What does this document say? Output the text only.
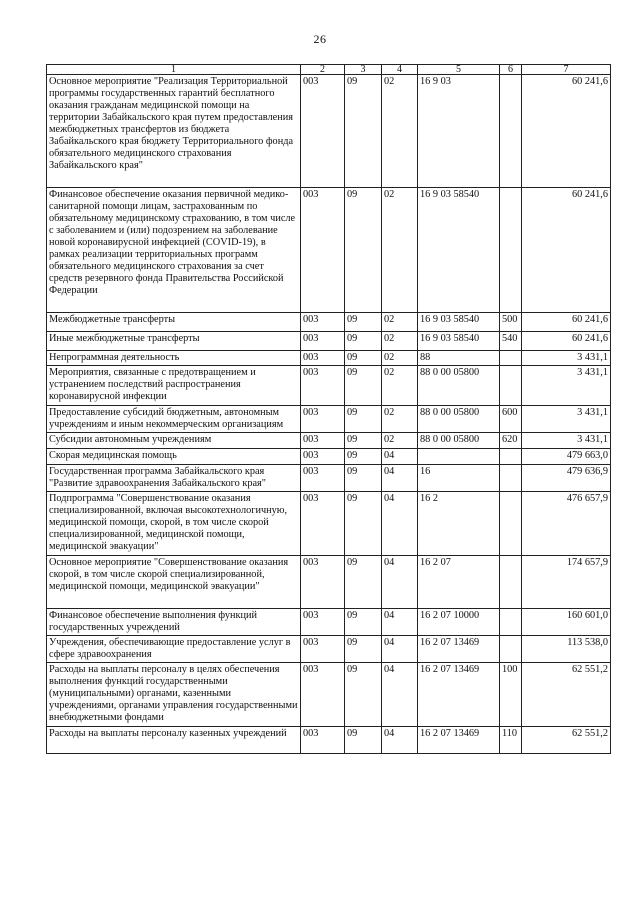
26
1	2	3	4	5	6	7
Основное мероприятие "Реализация Территориальной программы государственных гарантий бесплатного оказания гражданам медицинской помощи на территории Забайкальского края путем предоставления межбюджетных трансфертов из бюджета Забайкальского края бюджету Территориального фонда обязательного медицинского страхования Забайкальского края"	003	09	02	16 9 03		60 241,6
Финансовое обеспечение оказания первичной медико-санитарной помощи лицам, застрахованным по обязательному медицинскому страхованию, в том числе с заболеванием и (или) подозрением на заболевание новой коронавирусной инфекцией (COVID-19), в рамках реализации территориальных программ обязательного медицинского страхования за счет средств резервного фонда Правительства Российской Федерации	003	09	02	16 9 03 58540		60 241,6
Межбюджетные трансферты	003	09	02	16 9 03 58540	500	60 241,6
Иные межбюджетные трансферты	003	09	02	16 9 03 58540	540	60 241,6
Непрограммная деятельность	003	09	02	88		3 431,1
Мероприятия, связанные с предотвращением и устранением последствий распространения коронавирусной инфекции	003	09	02	88 0 00 05800		3 431,1
Предоставление субсидий бюджетным, автономным учреждениям и иным некоммерческим организациям	003	09	02	88 0 00 05800	600	3 431,1
Субсидии автономным учреждениям	003	09	02	88 0 00 05800	620	3 431,1
Скорая медицинская помощь	003	09	04			479 663,0
Государственная программа Забайкальского края "Развитие здравоохранения Забайкальского края"	003	09	04	16		479 636,9
Подпрограмма "Совершенствование оказания специализированной, включая высокотехнологичную, медицинской помощи, скорой, в том числе скорой специализированной, медицинской помощи, медицинской эвакуации"	003	09	04	16 2		476 657,9
Основное мероприятие "Совершенствование оказания скорой, в том числе скорой специализированной, медицинской помощи, медицинской эвакуации"	003	09	04	16 2 07		174 657,9
Финансовое обеспечение выполнения функций государственных учреждений	003	09	04	16 2 07 10000		160 601,0
Учреждения, обеспечивающие предоставление услуг в сфере здравоохранения	003	09	04	16 2 07 13469		113 538,0
Расходы на выплаты персоналу в целях обеспечения выполнения функций государственными (муниципальными) органами, казенными учреждениями, органами управления государственными внебюджетными фондами	003	09	04	16 2 07 13469	100	62 551,2
Расходы на выплаты персоналу казенных учреждений	003	09	04	16 2 07 13469	110	62 551,2
